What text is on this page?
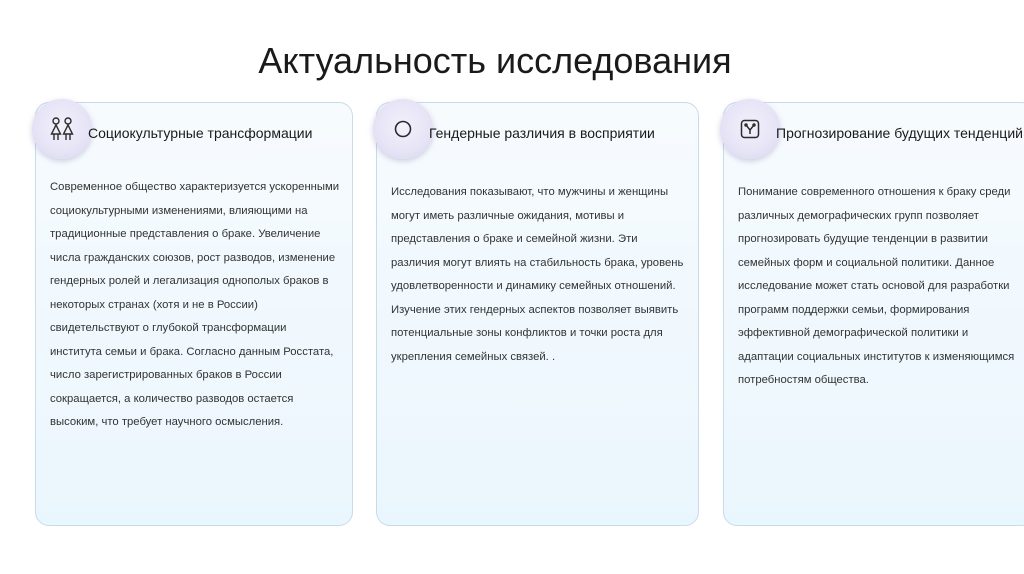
Актуальность исследования
Социокультурные трансформации
Современное общество характеризуется ускоренными социокультурными изменениями, влияющими на традиционные представления о браке. Увеличение числа гражданских союзов, рост разводов, изменение гендерных ролей и легализация однополых браков в некоторых странах (хотя и не в России) свидетельствуют о глубокой трансформации института семьи и брака. Согласно данным Росстата, число зарегистрированных браков в России сокращается, а количество разводов остается высоким, что требует научного осмысления.
Гендерные различия в восприятии
Исследования показывают, что мужчины и женщины могут иметь различные ожидания, мотивы и представления о браке и семейной жизни. Эти различия могут влиять на стабильность брака, уровень удовлетворенности и динамику семейных отношений. Изучение этих гендерных аспектов позволяет выявить потенциальные зоны конфликтов и точки роста для укрепления семейных связей. .
Прогнозирование будущих тенденций
Понимание современного отношения к браку среди различных демографических групп позволяет прогнозировать будущие тенденции в развитии семейных форм и социальной политики. Данное исследование может стать основой для разработки программ поддержки семьи, формирования эффективной демографической политики и адаптации социальных институтов к изменяющимся потребностям общества.
